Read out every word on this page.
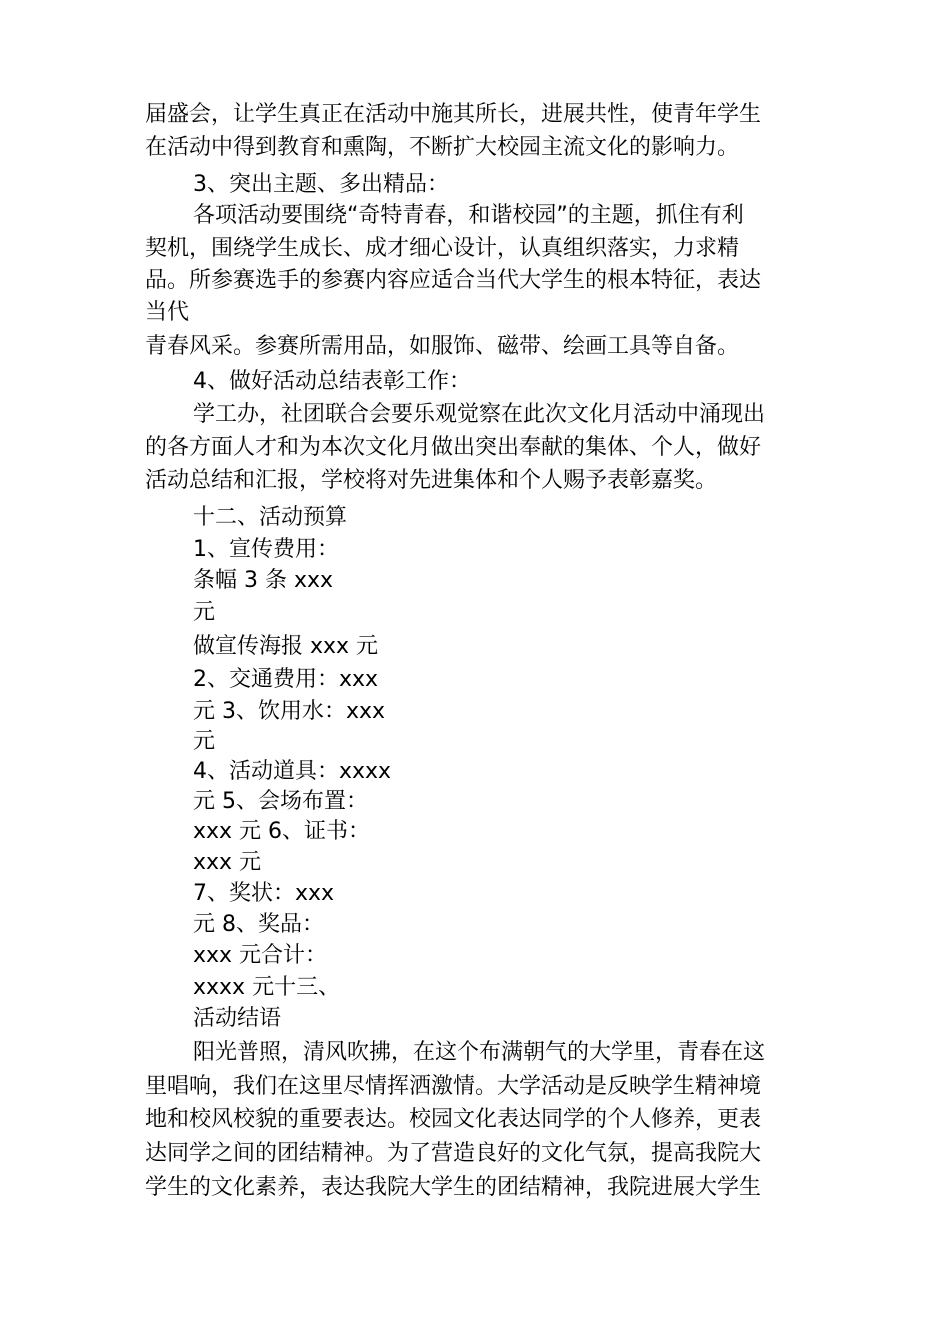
届盛会，让学生真正在活动中施其所长，进展共性，使青年学生
在活动中得到教育和熏陶，不断扩大校园主流文化的影响力。
3、突出主题、多出精品：
各项活动要围绕“奇特青春，和谐校园”的主题，抓住有利
契机，围绕学生成长、成才细心设计，认真组织落实，力求精
品。所参赛选手的参赛内容应适合当代大学生的根本特征，表达
当代
青春风采。参赛所需用品，如服饰、磁带、绘画工具等自备。
4、做好活动总结表彰工作：
学工办，社团联合会要乐观觉察在此次文化月活动中涌现出
的各方面人才和为本次文化月做出突出奉献的集体、个人，做好
活动总结和汇报，学校将对先进集体和个人赐予表彰嘉奖。
十二、活动预算
1、宣传费用：
条幅 3 条 xxx
元
做宣传海报 xxx 元
2、交通费用：xxx
元 3、饮用水：xxx
元
4、活动道具：xxxx
元 5、会场布置：
xxx 元 6、证书：
xxx 元
7、奖状：xxx
元 8、奖品：
xxx 元合计：
xxxx 元十三、
活动结语
阳光普照，清风吹拂，在这个布满朝气的大学里，青春在这
里唱响，我们在这里尽情挥洒激情。大学活动是反映学生精神境
地和校风校貌的重要表达。校园文化表达同学的个人修养，更表
达同学之间的团结精神。为了营造良好的文化气氛，提高我院大
学生的文化素养，表达我院大学生的团结精神，我院进展大学生
